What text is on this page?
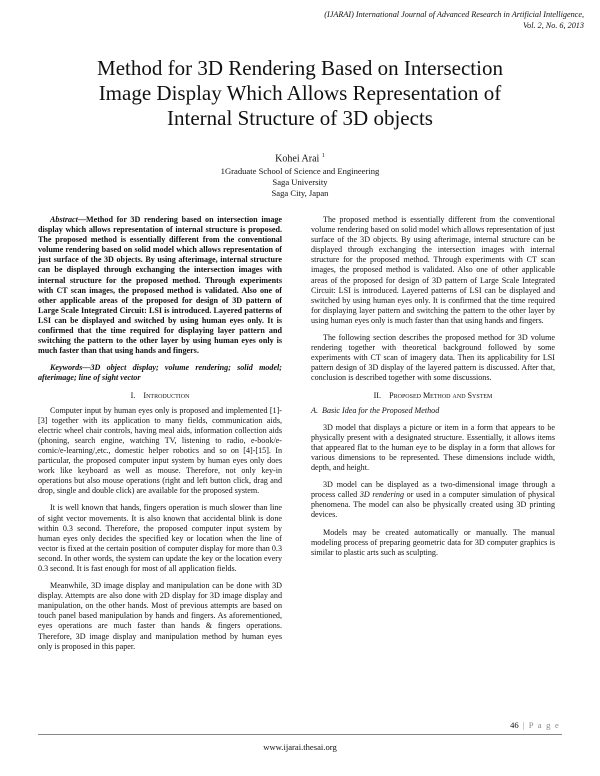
(IJARAI) International Journal of Advanced Research in Artificial Intelligence,
Vol. 2, No. 6, 2013
Method for 3D Rendering Based on Intersection
Image Display Which Allows Representation of
Internal Structure of 3D objects
Kohei Arai $^1$
1Graduate School of Science and Engineering
Saga University
Saga City, Japan

Abstract—Method for 3D rendering based on intersection image display which allows representation of internal structure is proposed. The proposed method is essentially different from the conventional volume rendering based on solid model which allows representation of just surface of the 3D objects. By using afterimage, internal structure can be displayed through exchanging the intersection images with internal structure for the proposed method. Through experiments with CT scan images, the proposed method is validated. Also one of other applicable areas of the proposed for design of 3D pattern of Large Scale Integrated Circuit: LSI is introduced. Layered patterns of LSI can be displayed and switched by using human eyes only. It is confirmed that the time required for displaying layer pattern and switching the pattern to the other layer by using human eyes only is much faster than that using hands and fingers.

Keywords—3D object display; volume rendering; solid model; afterimage; line of sight vector

I. Introduction

Computer input by human eyes only is proposed and implemented [1]-[3] together with its application to many fields, communication aids, electric wheel chair controls, having meal aids, information collection aids (phoning, search engine, watching TV, listening to radio, e-book/e-comic/e-learning/,etc., domestic helper robotics and so on [4]-[15]. In particular, the proposed computer input system by human eyes only does work like keyboard as well as mouse. Therefore, not only key-in operations but also mouse operations (right and left button click, drag and drop, single and double click) are available for the proposed system.

It is well known that hands, fingers operation is much slower than line of sight vector movements. It is also known that accidental blink is done within 0.3 second. Therefore, the proposed computer input system by human eyes only decides the specified key or location when the line of vector is fixed at the certain position of computer display for more than 0.3 second. In other words, the system can update the key or the location every 0.3 second. It is fast enough for most of all application fields.

Meanwhile, 3D image display and manipulation can be done with 3D display. Attempts are also done with 2D display for 3D image display and manipulation, on the other hands. Most of previous attempts are based on touch panel based manipulation by hands and fingers. As aforementioned, eyes operations are much faster than hands & fingers operations. Therefore, 3D image display and manipulation method by human eyes only is proposed in this paper.

The proposed method is essentially different from the conventional volume rendering based on solid model which allows representation of just surface of the 3D objects. By using afterimage, internal structure can be displayed through exchanging the intersection images with internal structure for the proposed method. Through experiments with CT scan images, the proposed method is validated. Also one of other applicable areas of the proposed for design of 3D pattern of Large Scale Integrated Circuit: LSI is introduced. Layered patterns of LSI can be displayed and switched by using human eyes only. It is confirmed that the time required for displaying layer pattern and switching the pattern to the other layer by using human eyes only is much faster than that using hands and fingers.

The following section describes the proposed method for 3D volume rendering together with theoretical background followed by some experiments with CT scan of imagery data. Then its applicability for LSI pattern design of 3D display of the layered pattern is discussed. After that, conclusion is described together with some discussions.

II. Proposed Method and System

A. Basic Idea for the Proposed Method

3D model that displays a picture or item in a form that appears to be physically present with a designated structure. Essentially, it allows items that appeared flat to the human eye to be display in a form that allows for various dimensions to be represented. These dimensions include width, depth, and height.

3D model can be displayed as a two-dimensional image through a process called 3D rendering or used in a computer simulation of physical phenomena. The model can also be physically created using 3D printing devices.

Models may be created automatically or manually. The manual modeling process of preparing geometric data for 3D computer graphics is similar to plastic arts such as sculpting.

46 | P a g e
www.ijarai.thesai.org
